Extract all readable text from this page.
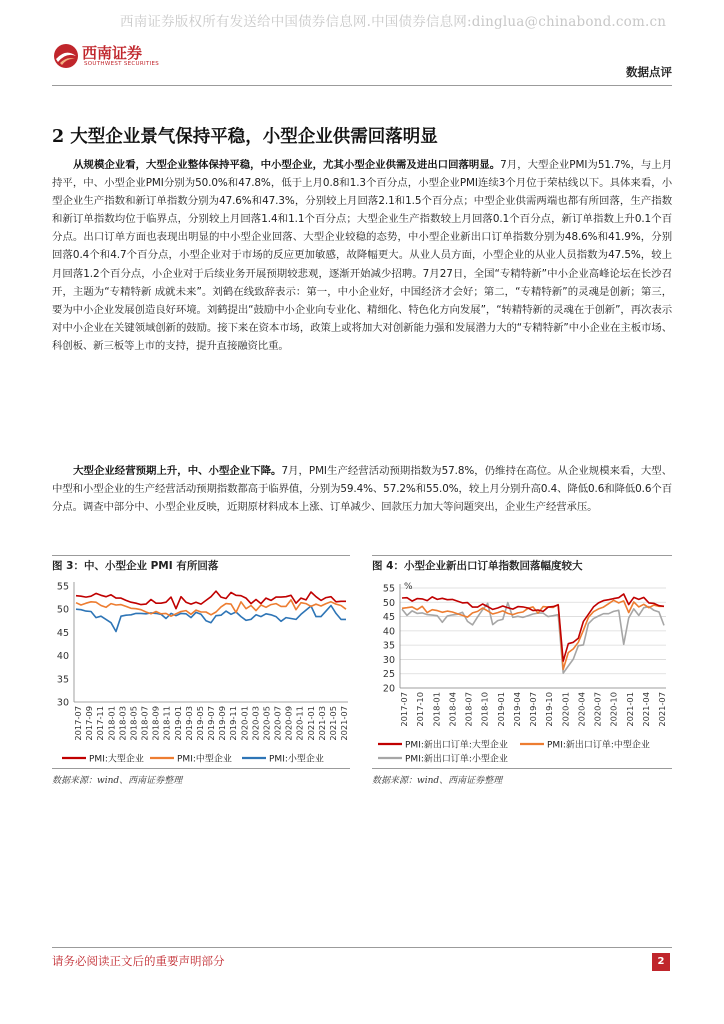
西南证券版权所有发送给中国债券信息网.中国债券信息网:dinglua@chinabond.com.cn
西南证券
SOUTHWEST SECURITIES
数据点评
2 大型企业景气保持平稳，小型企业供需回落明显
从规模企业看，大型企业整体保持平稳，中小型企业，尤其小型企业供需及进出口回落明显。7月，大型企业PMI为51.7%，与上月持平，中、小型企业PMI分别为50.0%和47.8%，低于上月0.8和1.3个百分点，小型企业PMI连续3个月位于荣枯线以下。具体来看，小型企业生产指数和新订单指数分别为47.6%和47.3%，分别较上月回落2.1和1.5个百分点；中型企业供需两端也都有所回落，生产指数和新订单指数均位于临界点，分别较上月回落1.4和1.1个百分点；大型企业生产指数较上月回落0.1个百分点，新订单指数上升0.1个百分点。出口订单方面也表现出明显的中小型企业回落、大型企业较稳的态势，中小型企业新出口订单指数分别为48.6%和41.9%，分别回落0.4个和4.7个百分点，小型企业对于市场的反应更加敏感，故降幅更大。从业人员方面，小型企业的从业人员指数为47.5%，较上月回落1.2个百分点，小企业对于后续业务开展预期较悲观，逐渐开始减少招聘。7月27日，全国“专精特新”中小企业高峰论坛在长沙召开，主题为“专精特新 成就未来”。刘鹤在线致辞表示：第一，中小企业好，中国经济才会好；第二，“专精特新”的灵魂是创新；第三，要为中小企业发展创造良好环境。刘鹤提出“鼓励中小企业向专业化、精细化、特色化方向发展”，“转精特新的灵魂在于创新”，再次表示对中小企业在关键领域创新的鼓励。接下来在资本市场，政策上或将加大对创新能力强和发展潜力大的“专精特新”中小企业在主板市场、科创板、新三板等上市的支持，提升直接融资比重。
大型企业经营预期上升，中、小型企业下降。7月，PMI生产经营活动预期指数为57.8%，仍维持在高位。从企业规模来看，大型、中型和小型企业的生产经营活动预期指数都高于临界值，分别为59.4%、57.2%和55.0%，较上月分别升高0.4、降低0.6和降低0.6个百分点。调查中部分中、小型企业反映，近期原材料成本上涨、订单减少、回款压力加大等问题突出，企业生产经营承压。
图 3：中、小型企业 PMI 有所回落	图 4：小型企业新出口订单指数回落幅度较大
55
50
45
40
35
30
2017-07 2017-09 2017-11 2018-01 2018-03 2018-05 2018-07 2018-09 2018-11 2019-01 2019-03 2019-05 2019-07 2019-09 2019-11 2020-01 2020-03 2020-05 2020-07 2020-09 2020-11 2021-01 2021-03 2021-05 2021-07
PMI:大型企业	PMI:中型企业	PMI:小型企业
55
50
45
40
35
30
25
20
%
2017-07 2017-10 2018-01 2018-04 2018-07 2018-10 2019-01 2019-04 2019-07 2019-10 2020-01 2020-04 2020-07 2020-10 2021-01 2021-04 2021-07
PMI:新出口订单:大型企业	PMI:新出口订单:中型企业
PMI:新出口订单:小型企业
数据来源：wind、西南证券整理	数据来源：wind、西南证券整理
请务必阅读正文后的重要声明部分	2
